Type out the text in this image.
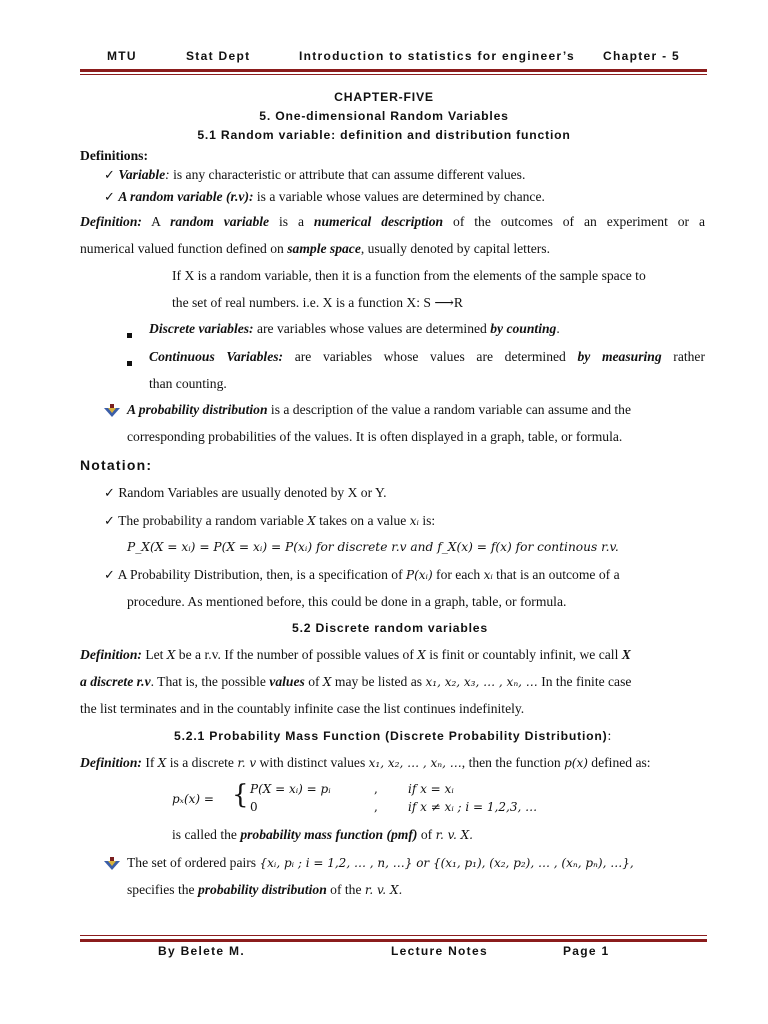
MTU	Stat Dept	Introduction to statistics for engineer’s Chapter - 5
CHAPTER-FIVE
5. One-dimensional Random Variables
5.1 Random variable: definition and distribution function
Definitions:
✓ Variable: is any characteristic or attribute that can assume different values.
✓ A random variable (r.v): is a variable whose values are determined by chance.
Definition: A random variable is a numerical description of the outcomes of an experiment or a
numerical valued function defined on sample space, usually denoted by capital letters.
If X is a random variable, then it is a function from the elements of the sample space to
the set of real numbers. i.e. X is a function X: S ⟶R
Discrete variables: are variables whose values are determined by counting.
Continuous Variables: are variables whose values are determined by measuring rather
than counting.
A probability distribution is a description of the value a random variable can assume and the
corresponding probabilities of the values. It is often displayed in a graph, table, or formula.
Notation:
✓ Random Variables are usually denoted by X or Y.
✓ The probability a random variable X takes on a value xᵢ is:
P_X(X = xᵢ) = P(X = xᵢ) = P(xᵢ) for discrete r.v and f_X(x) = f(x) for continous r.v.
✓ A Probability Distribution, then, is a specification of P(xᵢ) for each xᵢ that is an outcome of a
procedure. As mentioned before, this could be done in a graph, table, or formula.
5.2 Discrete random variables
Definition: Let X be a r.v. If the number of possible values of X is finit or countably infinit, we call X
a discrete r.v. That is, the possible values of X may be listed as x₁, x₂, x₃, … , xₙ, … In the finite case
the list terminates and in the countably infinite case the list continues indefinitely.
5.2.1 Probability Mass Function (Discrete Probability Distribution):
Definition: If X is a discrete r. v with distinct values x₁, x₂, … , xₙ, …, then the function p(x) defined as:
pₓ(x) = { P(X = xᵢ) = pᵢ	,	if x = xᵢ
0	,	if x ≠ xᵢ ; i = 1,2,3, …
is called the probability mass function (pmf) of r. v. X.
The set of ordered pairs {xᵢ, pᵢ ; i = 1,2, … , n, …} or {(x₁, p₁), (x₂, p₂), … , (xₙ, pₙ), …},
specifies the probability distribution of the r. v. X.
By Belete M.	Lecture Notes	Page 1
